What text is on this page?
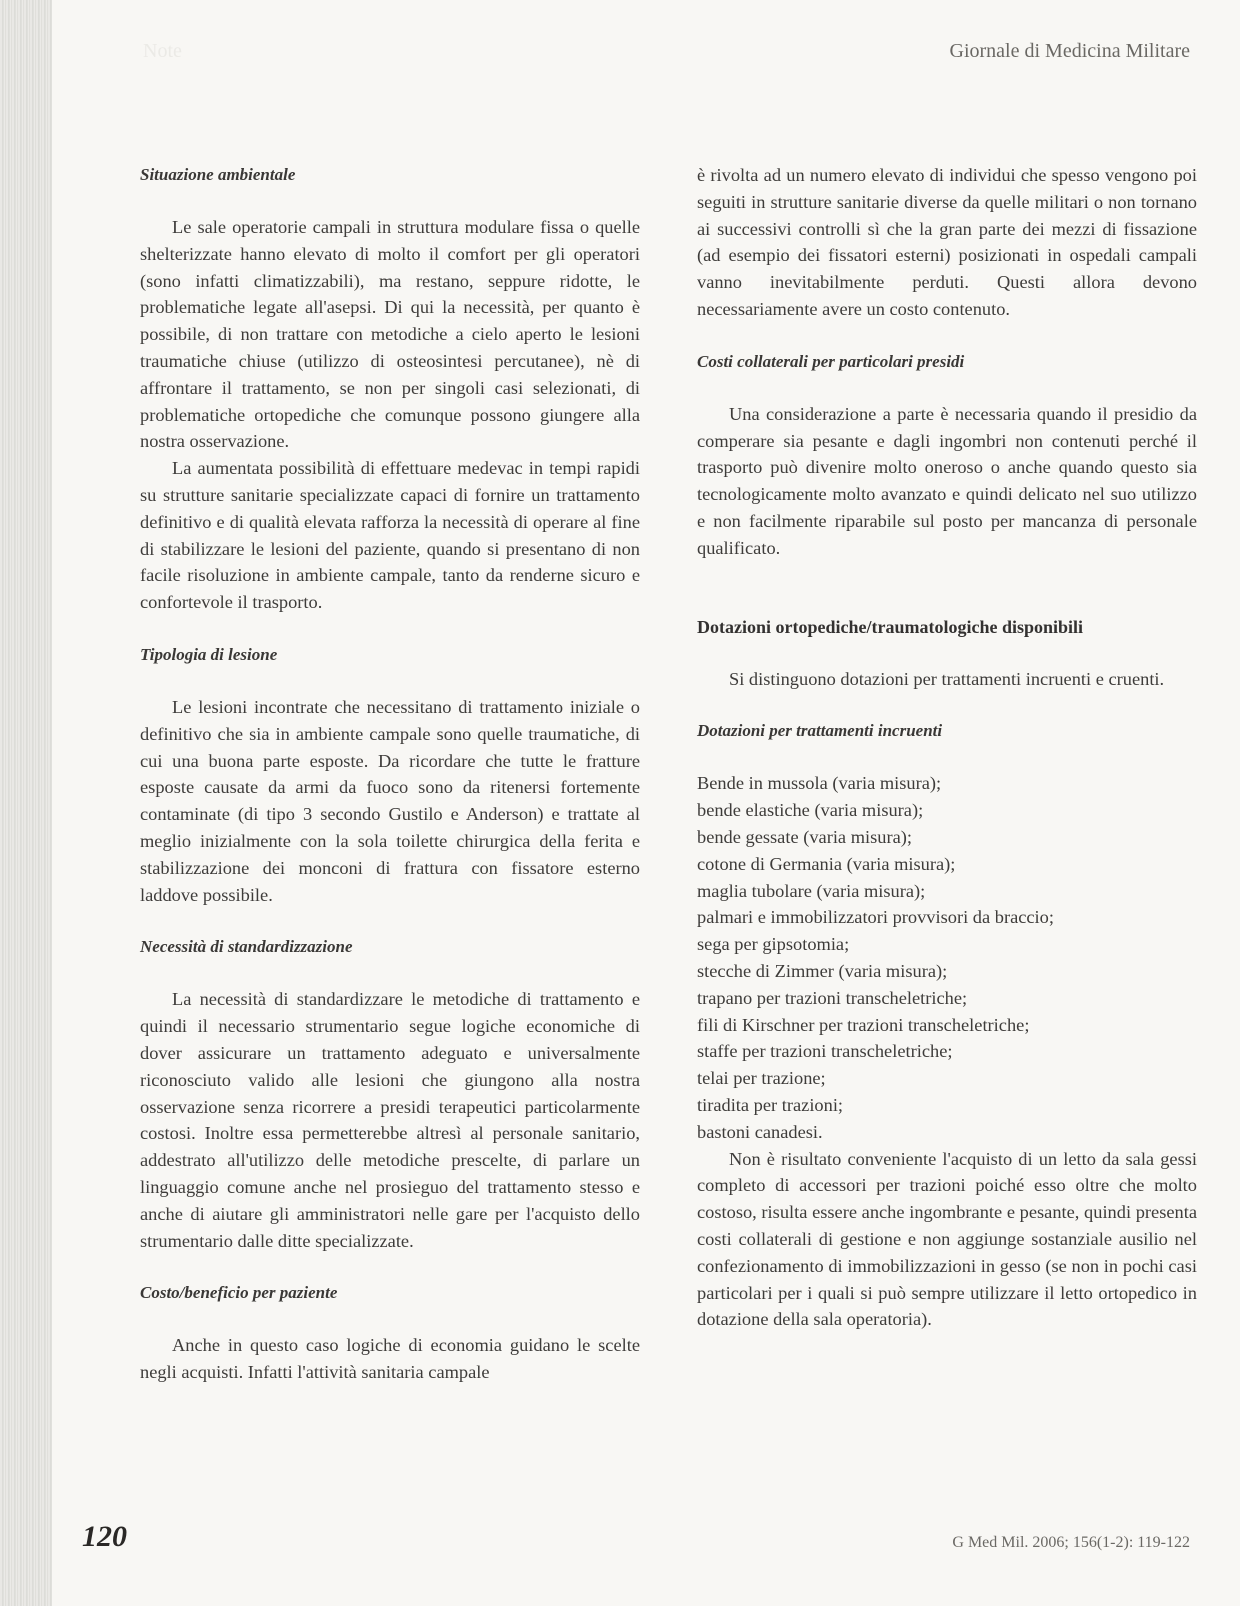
Note	Giornale di Medicina Militare

Situazione ambientale

Le sale operatorie campali in struttura modulare fissa o quelle shelterizzate hanno elevato di molto il comfort per gli operatori (sono infatti climatizzabili), ma restano, seppure ridotte, le problematiche legate all'asepsi. Di qui la necessità, per quanto è possibile, di non trattare con metodiche a cielo aperto le lesioni traumatiche chiuse (utilizzo di osteosintesi percutanee), nè di affrontare il trattamento, se non per singoli casi selezionati, di problematiche ortopediche che comunque possono giungere alla nostra osservazione.

La aumentata possibilità di effettuare medevac in tempi rapidi su strutture sanitarie specializzate capaci di fornire un trattamento definitivo e di qualità elevata rafforza la necessità di operare al fine di stabilizzare le lesioni del paziente, quando si presentano di non facile risoluzione in ambiente campale, tanto da renderne sicuro e confortevole il trasporto.

Tipologia di lesione

Le lesioni incontrate che necessitano di trattamento iniziale o definitivo che sia in ambiente campale sono quelle traumatiche, di cui una buona parte esposte. Da ricordare che tutte le fratture esposte causate da armi da fuoco sono da ritenersi fortemente contaminate (di tipo 3 secondo Gustilo e Anderson) e trattate al meglio inizialmente con la sola toilette chirurgica della ferita e stabilizzazione dei monconi di frattura con fissatore esterno laddove possibile.

Necessità di standardizzazione

La necessità di standardizzare le metodiche di trattamento e quindi il necessario strumentario segue logiche economiche di dover assicurare un trattamento adeguato e universalmente riconosciuto valido alle lesioni che giungono alla nostra osservazione senza ricorrere a presidi terapeutici particolarmente costosi. Inoltre essa permetterebbe altresì al personale sanitario, addestrato all'utilizzo delle metodiche prescelte, di parlare un linguaggio comune anche nel prosieguo del trattamento stesso e anche di aiutare gli amministratori nelle gare per l'acquisto dello strumentario dalle ditte specializzate.

Costo/beneficio per paziente

Anche in questo caso logiche di economia guidano le scelte negli acquisti. Infatti l'attività sanitaria campale

è rivolta ad un numero elevato di individui che spesso vengono poi seguiti in strutture sanitarie diverse da quelle militari o non tornano ai successivi controlli sì che la gran parte dei mezzi di fissazione (ad esempio dei fissatori esterni) posizionati in ospedali campali vanno inevitabilmente perduti. Questi allora devono necessariamente avere un costo contenuto.

Costi collaterali per particolari presidi

Una considerazione a parte è necessaria quando il presidio da comperare sia pesante e dagli ingombri non contenuti perché il trasporto può divenire molto oneroso o anche quando questo sia tecnologicamente molto avanzato e quindi delicato nel suo utilizzo e non facilmente riparabile sul posto per mancanza di personale qualificato.

Dotazioni ortopediche/traumatologiche disponibili

Si distinguono dotazioni per trattamenti incruenti e cruenti.

Dotazioni per trattamenti incruenti

Bende in mussola (varia misura);
bende elastiche (varia misura);
bende gessate (varia misura);
cotone di Germania (varia misura);
maglia tubolare (varia misura);
palmari e immobilizzatori provvisori da braccio;
sega per gipsotomia;
stecche di Zimmer (varia misura);
trapano per trazioni transcheletriche;
fili di Kirschner per trazioni transcheletriche;
staffe per trazioni transcheletriche;
telai per trazione;
tiradita per trazioni;
bastoni canadesi.

Non è risultato conveniente l'acquisto di un letto da sala gessi completo di accessori per trazioni poiché esso oltre che molto costoso, risulta essere anche ingombrante e pesante, quindi presenta costi collaterali di gestione e non aggiunge sostanziale ausilio nel confezionamento di immobilizzazioni in gesso (se non in pochi casi particolari per i quali si può sempre utilizzare il letto ortopedico in dotazione della sala operatoria).

120	G Med Mil. 2006; 156(1-2): 119-122
